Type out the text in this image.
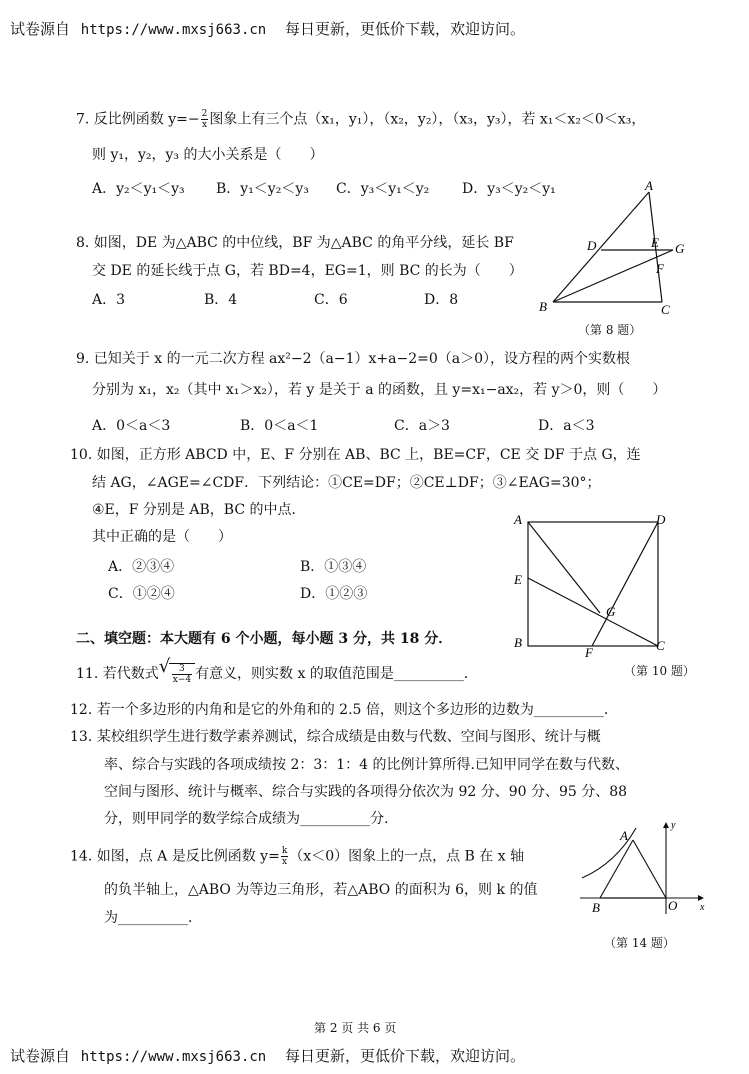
试卷源自 https://www.mxsj663.cn 每日更新，更低价下载，欢迎访问。
7. 反比例函数 $y=- \frac{2}{x}$ 图象上有三个点（x₁，y₁），（x₂，y₂），（x₃，y₃），若 x₁＜x₂＜0＜x₃，
则 y₁，y₂，y₃ 的大小关系是（　　）
A．y₂＜y₁＜y₃ B．y₁＜y₂＜y₃ C．y₃＜y₁＜y₂ D．y₃＜y₂＜y₁
8. 如图，DE 为△ABC 的中位线，BF 为△ABC 的角平分线，延长 BF
交 DE 的延长线于点 G，若 BD=4，EG=1，则 BC 的长为（　　）
A．3	B．4	C．6	D．8
A
B	C
D	E G
F
（第 8 题）
9. 已知关于 x 的一元二次方程 ax²−2（a−1）x+a−2=0（a＞0），设方程的两个实数根
分别为 x₁，x₂（其中 x₁＞x₂），若 y 是关于 a 的函数，且 y=x₁−ax₂，若 y＞0，则（　　）
A．0＜a＜3	B．0＜a＜1	C．a＞3	D．a＜3
10. 如图，正方形 ABCD 中，E、F 分别在 AB、BC 上，BE=CF，CE 交 DF 于点 G，连
结 AG，∠AGE=∠CDF．下列结论：①CE=DF；②CE⊥DF；③∠EAG=30°；
④E，F 分别是 AB，BC 的中点．
其中正确的是（　　）
A．②③④	B．①③④
C．①②④	D．①②③
A	D
E
G
B	C
F
（第 10 题）
二、填空题：本大题有 6 个小题，每小题 3 分，共 18 分．
11. 若代数式
√ $\frac{3}{x-4}$ 有意义，则实数 x 的取值范围是__________．
12. 若一个多边形的内角和是它的外角和的 2.5 倍，则这个多边形的边数为__________．
13. 某校组织学生进行数学素养测试，综合成绩是由数与代数、空间与图形、统计与概
率、综合与实践的各项成绩按 2：3：1：4 的比例计算所得.已知甲同学在数与代数、
空间与图形、统计与概率、综合与实践的各项得分依次为 92 分、90 分、95 分、88
分，则甲同学的数学综合成绩为__________分.
14. 如图，点 A 是反比例函数 $y= \frac{k}{x} (x<0)$图象上的一点，点 B 在 x 轴
的负半轴上，△ABO 为等边三角形，若△ABO 的面积为 6，则 k 的值
为__________．
A
B	O x
y
（第 14 题）
第 2 页 共 6 页
试卷源自 https://www.mxsj663.cn 每日更新，更低价下载，欢迎访问。
